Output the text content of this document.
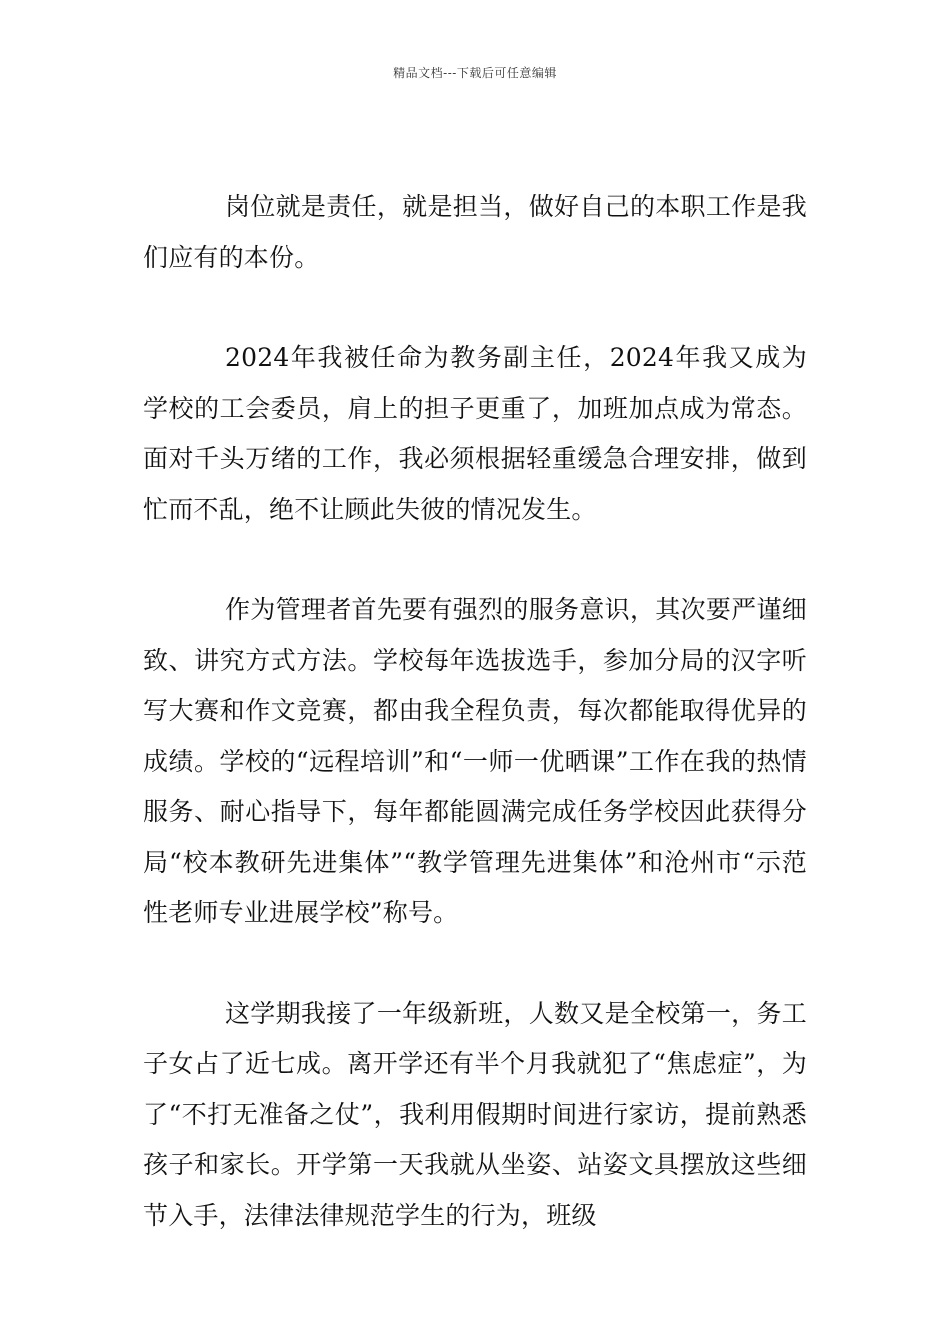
精品文档---下载后可任意编辑

岗位就是责任，就是担当，做好自己的本职工作是我们应有的本份。

2024年我被任命为教务副主任，2024年我又成为学校的工会委员，肩上的担子更重了，加班加点成为常态。面对千头万绪的工作，我必须根据轻重缓急合理安排，做到忙而不乱，绝不让顾此失彼的情况发生。

作为管理者首先要有强烈的服务意识，其次要严谨细致、讲究方式方法。学校每年选拔选手，参加分局的汉字听写大赛和作文竞赛，都由我全程负责，每次都能取得优异的成绩。学校的“远程培训”和“一师一优晒课”工作在我的热情服务、耐心指导下，每年都能圆满完成任务学校因此获得分局“校本教研先进集体”“教学管理先进集体”和沧州市“示范性老师专业进展学校”称号。

这学期我接了一年级新班，人数又是全校第一，务工子女占了近七成。离开学还有半个月我就犯了“焦虑症”，为了“不打无准备之仗”，我利用假期时间进行家访，提前熟悉孩子和家长。开学第一天我就从坐姿、站姿文具摆放这些细节入手，法律法律规范学生的行为，班级
